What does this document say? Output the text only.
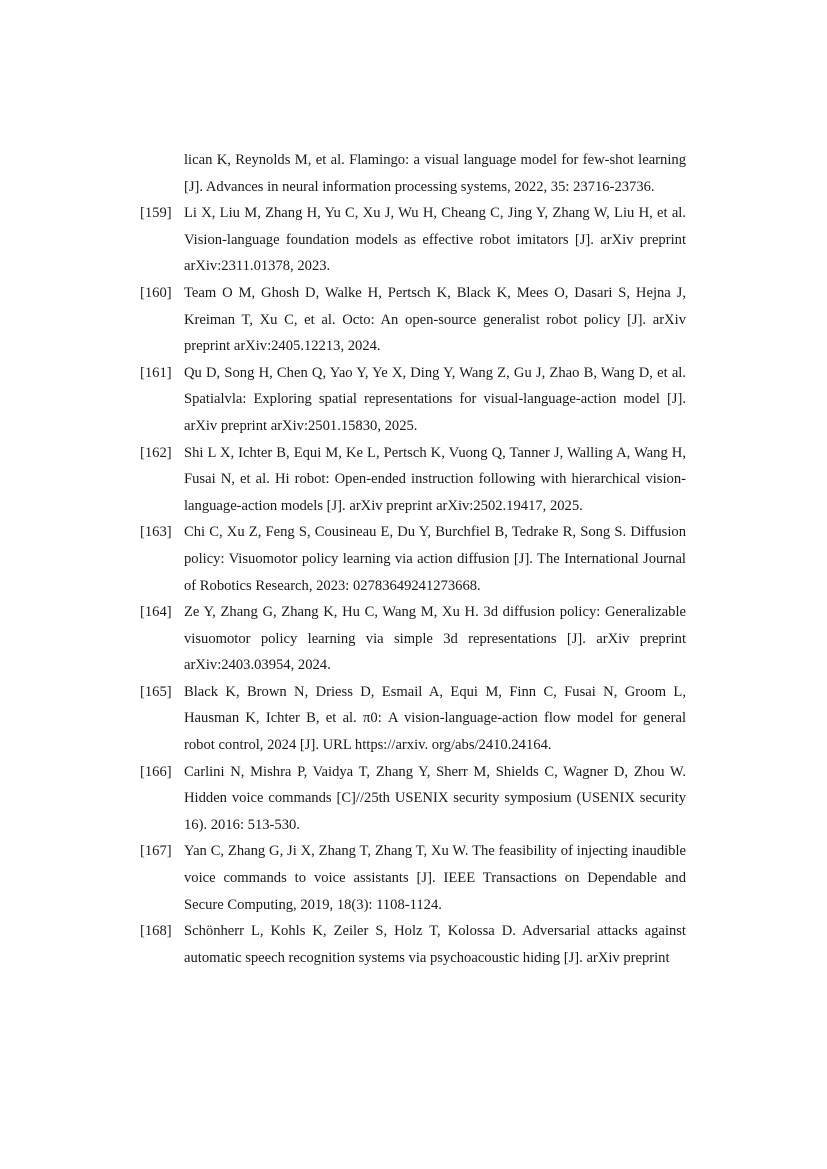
lican K, Reynolds M, et al. Flamingo: a visual language model for few-shot learning [J]. Advances in neural information processing systems, 2022, 35: 23716-23736.
[159] Li X, Liu M, Zhang H, Yu C, Xu J, Wu H, Cheang C, Jing Y, Zhang W, Liu H, et al. Vision-language foundation models as effective robot imitators [J]. arXiv preprint arXiv:2311.01378, 2023.
[160] Team O M, Ghosh D, Walke H, Pertsch K, Black K, Mees O, Dasari S, Hejna J, Kreiman T, Xu C, et al. Octo: An open-source generalist robot policy [J]. arXiv preprint arXiv:2405.12213, 2024.
[161] Qu D, Song H, Chen Q, Yao Y, Ye X, Ding Y, Wang Z, Gu J, Zhao B, Wang D, et al. Spatialvla: Exploring spatial representations for visual-language-action model [J]. arXiv preprint arXiv:2501.15830, 2025.
[162] Shi L X, Ichter B, Equi M, Ke L, Pertsch K, Vuong Q, Tanner J, Walling A, Wang H, Fusai N, et al. Hi robot: Open-ended instruction following with hierarchical vision-language-action models [J]. arXiv preprint arXiv:2502.19417, 2025.
[163] Chi C, Xu Z, Feng S, Cousineau E, Du Y, Burchfiel B, Tedrake R, Song S. Diffusion policy: Visuomotor policy learning via action diffusion [J]. The International Journal of Robotics Research, 2023: 02783649241273668.
[164] Ze Y, Zhang G, Zhang K, Hu C, Wang M, Xu H. 3d diffusion policy: Generalizable visuomotor policy learning via simple 3d representations [J]. arXiv preprint arXiv:2403.03954, 2024.
[165] Black K, Brown N, Driess D, Esmail A, Equi M, Finn C, Fusai N, Groom L, Hausman K, Ichter B, et al. π0: A vision-language-action flow model for general robot control, 2024 [J]. URL https://arxiv. org/abs/2410.24164.
[166] Carlini N, Mishra P, Vaidya T, Zhang Y, Sherr M, Shields C, Wagner D, Zhou W. Hidden voice commands [C]//25th USENIX security symposium (USENIX security 16). 2016: 513-530.
[167] Yan C, Zhang G, Ji X, Zhang T, Zhang T, Xu W. The feasibility of injecting inaudible voice commands to voice assistants [J]. IEEE Transactions on Dependable and Secure Computing, 2019, 18(3): 1108-1124.
[168] Schönherr L, Kohls K, Zeiler S, Holz T, Kolossa D. Adversarial attacks against automatic speech recognition systems via psychoacoustic hiding [J]. arXiv preprint
